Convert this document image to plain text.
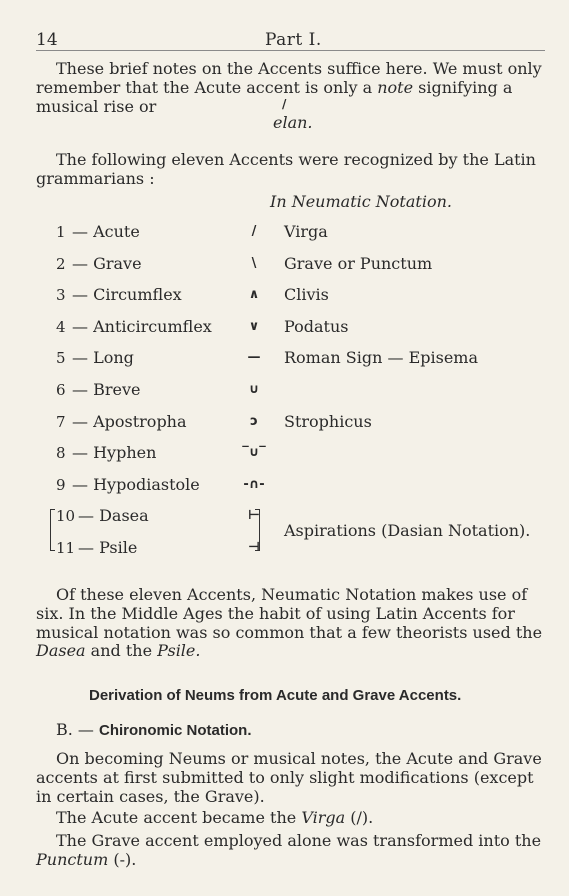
14	Part I.
These brief notes on the Accents suffice here. We must only
remember that the Acute accent is only a note signifying a
musical rise or	/
elan.
The following eleven Accents were recognized by the Latin
grammarians :
In Neumatic Notation.
1 — Acute	/	Virga
2 — Grave	\	Grave or Punctum
3 — Circumflex	∧	Clivis
4 — Anticircumflex	∨	Podatus
5 — Long	—	Roman Sign — Episema
6 — Breve	∪
7 — Apostropha	ɔ	Strophicus
8 — Hyphen	‾∪‾
9 — Hypodiastole	-∩-
10 — Dasea	⊢
11 — Psile	⊣
Aspirations (Dasian Notation).
Of these eleven Accents, Neumatic Notation makes use of
six. In the Middle Ages the habit of using Latin Accents for
musical notation was so common that a few theorists used the
Dasea and the Psile.
Derivation of Neums from Acute and Grave Accents.
B. — Chironomic Notation.
On becoming Neums or musical notes, the Acute and Grave
accents at first submitted to only slight modifications (except
in certain cases, the Grave).
The Acute accent became the Virga (/).
The Grave accent employed alone was transformed into the
Punctum (-).
